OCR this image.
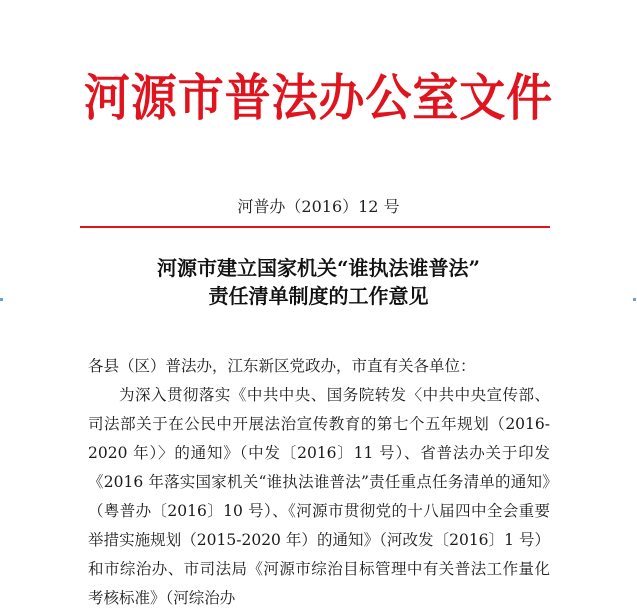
河源市普法办公室文件
河普办（2016）12 号
河源市建立国家机关“谁执法谁普法”
责任清单制度的工作意见
各县（区）普法办，江东新区党政办，市直有关各单位：
为深入贯彻落实《中共中央、国务院转发〈中共中央宣传部、司法部关于在公民中开展法治宣传教育的第七个五年规划（2016-2020 年）〉的通知》（中发〔2016〕11 号）、省普法办关于印发《2016 年落实国家机关“谁执法谁普法”责任重点任务清单的通知》（粤普办〔2016〕10 号）、《河源市贯彻党的十八届四中全会重要举措实施规划（2015-2020 年）的通知》（河改发〔2016〕1 号）和市综治办、市司法局《河源市综治目标管理中有关普法工作量化考核标准》（河综治办
